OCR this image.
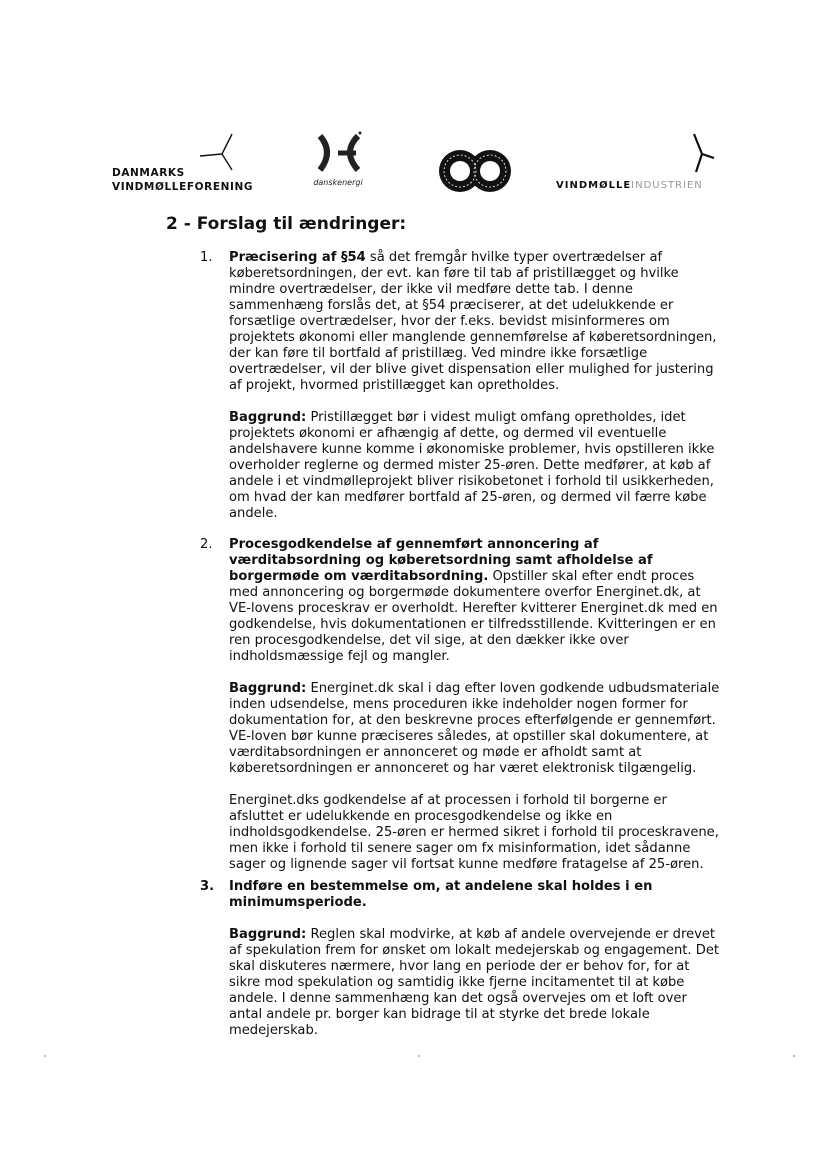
DANMARKS
VINDMØLLEFORENING	danskenergi	VINDMØLLEINDUSTRIEN
2 - Forslag til ændringer:
1. Præcisering af §54 så det fremgår hvilke typer overtrædelser af køberetsordningen, der evt. kan føre til tab af pristillægget og hvilke mindre overtrædelser, der ikke vil medføre dette tab. I denne sammenhæng forslås det, at §54 præciserer, at det udelukkende er forsætlige overtrædelser, hvor der f.eks. bevidst misinformeres om projektets økonomi eller manglende gennemførelse af køberetsordningen, der kan føre til bortfald af pristillæg. Ved mindre ikke forsætlige overtrædelser, vil der blive givet dispensation eller mulighed for justering af projekt, hvormed pristillægget kan opretholdes.

Baggrund: Pristillægget bør i videst muligt omfang opretholdes, idet projektets økonomi er afhængig af dette, og dermed vil eventuelle andelshavere kunne komme i økonomiske problemer, hvis opstilleren ikke overholder reglerne og dermed mister 25-øren. Dette medfører, at køb af andele i et vindmølleprojekt bliver risikobetonet i forhold til usikkerheden, om hvad der kan medfører bortfald af 25-øren, og dermed vil færre købe andele.

2. Procesgodkendelse af gennemført annoncering af værditabsordning og køberetsordning samt afholdelse af borgermøde om værditabsordning. Opstiller skal efter endt proces med annoncering og borgermøde dokumentere overfor Energinet.dk, at VE-lovens proceskrav er overholdt. Herefter kvitterer Energinet.dk med en godkendelse, hvis dokumentationen er tilfredsstillende. Kvitteringen er en ren procesgodkendelse, det vil sige, at den dækker ikke over indholdsmæssige fejl og mangler.

Baggrund: Energinet.dk skal i dag efter loven godkende udbudsmateriale inden udsendelse, mens proceduren ikke indeholder nogen former for dokumentation for, at den beskrevne proces efterfølgende er gennemført. VE-loven bør kunne præciseres således, at opstiller skal dokumentere, at værditabsordningen er annonceret og møde er afholdt samt at køberetsordningen er annonceret og har været elektronisk tilgængelig.

Energinet.dks godkendelse af at processen i forhold til borgerne er afsluttet er udelukkende en procesgodkendelse og ikke en indholdsgodkendelse. 25-øren er hermed sikret i forhold til proceskravene, men ikke i forhold til senere sager om fx misinformation, idet sådanne sager og lignende sager vil fortsat kunne medføre fratagelse af 25-øren.

3. Indføre en bestemmelse om, at andelene skal holdes i en minimumsperiode.

Baggrund: Reglen skal modvirke, at køb af andele overvejende er drevet af spekulation frem for ønsket om lokalt medejerskab og engagement. Det skal diskuteres nærmere, hvor lang en periode der er behov for, for at sikre mod spekulation og samtidig ikke fjerne incitamentet til at købe andele. I denne sammenhæng kan det også overvejes om et loft over antal andele pr. borger kan bidrage til at styrke det brede lokale medejerskab.
